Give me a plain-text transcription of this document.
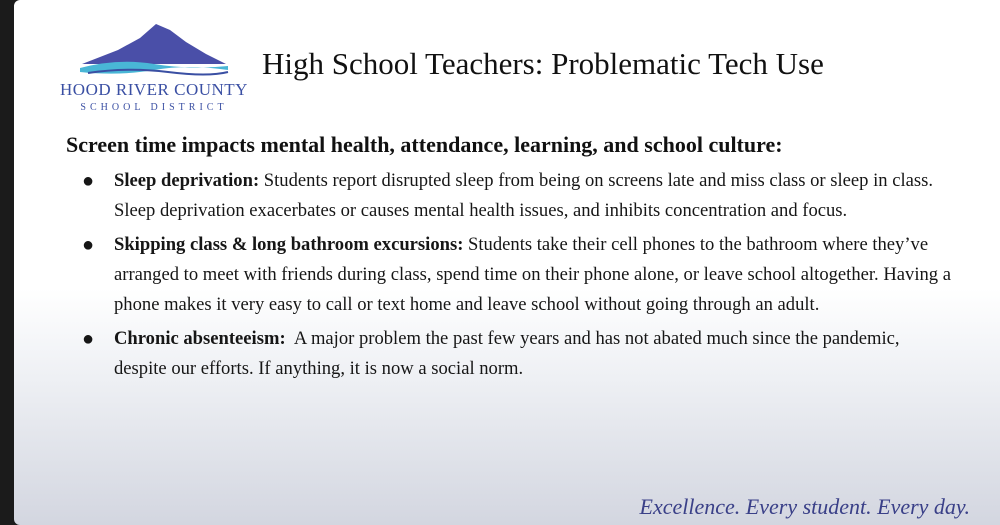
HOOD RIVER COUNTY
SCHOOL DISTRICT
High School Teachers: Problematic Tech Use
Screen time impacts mental health, attendance, learning, and school culture:
● Sleep deprivation: Students report disrupted sleep from being on screens late and miss class or sleep in class. Sleep deprivation exacerbates or causes mental health issues, and inhibits concentration and focus.
● Skipping class & long bathroom excursions: Students take their cell phones to the bathroom where they’ve arranged to meet with friends during class, spend time on their phone alone, or leave school altogether. Having a phone makes it very easy to call or text home and leave school without going through an adult.
● Chronic absenteeism:  A major problem the past few years and has not abated much since the pandemic, despite our efforts. If anything, it is now a social norm.
Excellence. Every student. Every day.
